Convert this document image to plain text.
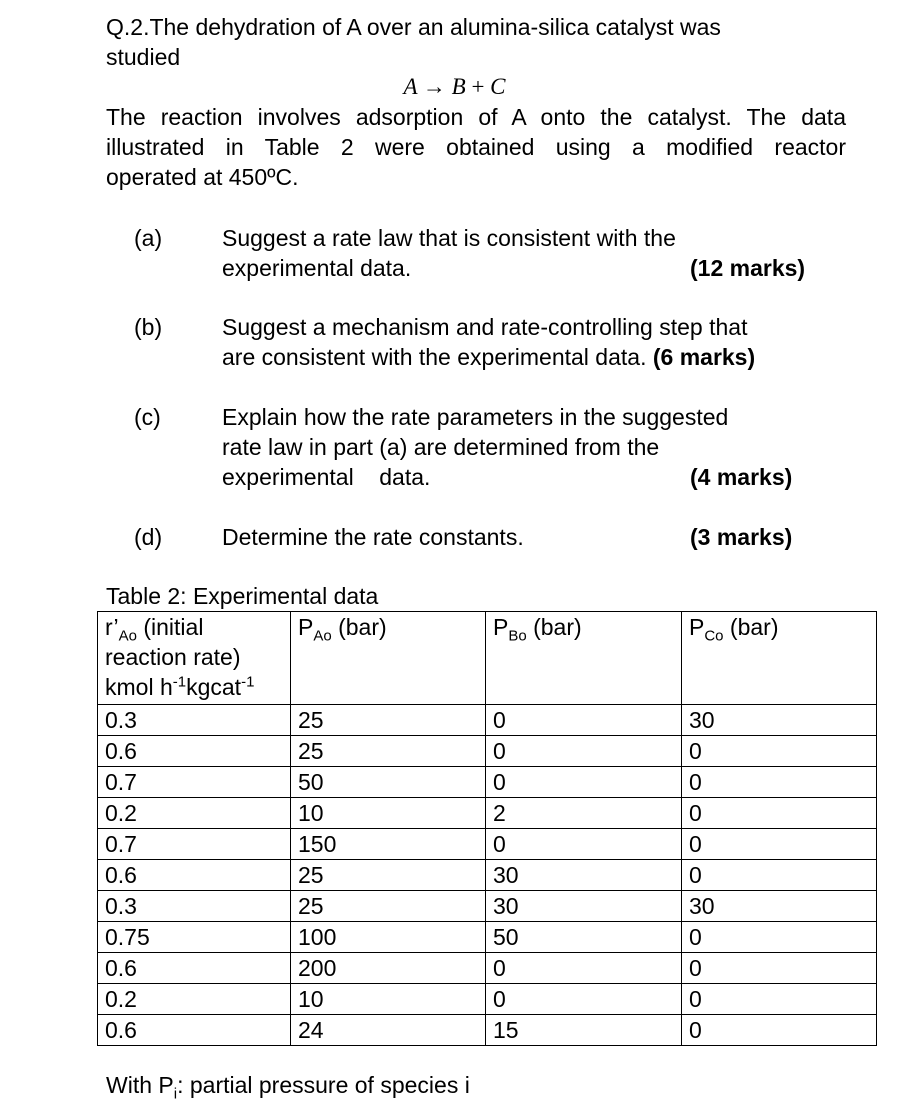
Q.2.The dehydration of A over an alumina-silica catalyst was
studied
A → B + C
The reaction involves adsorption of A onto the catalyst. The data
illustrated in Table 2 were obtained using a modified reactor
operated at 450ºC.
(a)	Suggest a rate law that is consistent with the
experimental data.	(12 marks)
(b)	Suggest a mechanism and rate-controlling step that
are consistent with the experimental data. (6 marks)
(c)	Explain how the rate parameters in the suggested
rate law in part (a) are determined from the
experimental    data.	(4 marks)
(d)	Determine the rate constants.	(3 marks)
Table 2: Experimental data
$r’_{Ao}$ (initial
reaction rate)
kmol $h^{-1}kgcat^{-1}$	$P_{Ao}$ (bar)	$P_{Bo}$ (bar)	$P_{Co}$ (bar)
0.3	25	0	30
0.6	25	0	0
0.7	50	0	0
0.2	10	2	0
0.7	150	0	0
0.6	25	30	0
0.3	25	30	30
0.75	100	50	0
0.6	200	0	0
0.2	10	0	0
0.6	24	15	0
With $P_i$: partial pressure of species i
